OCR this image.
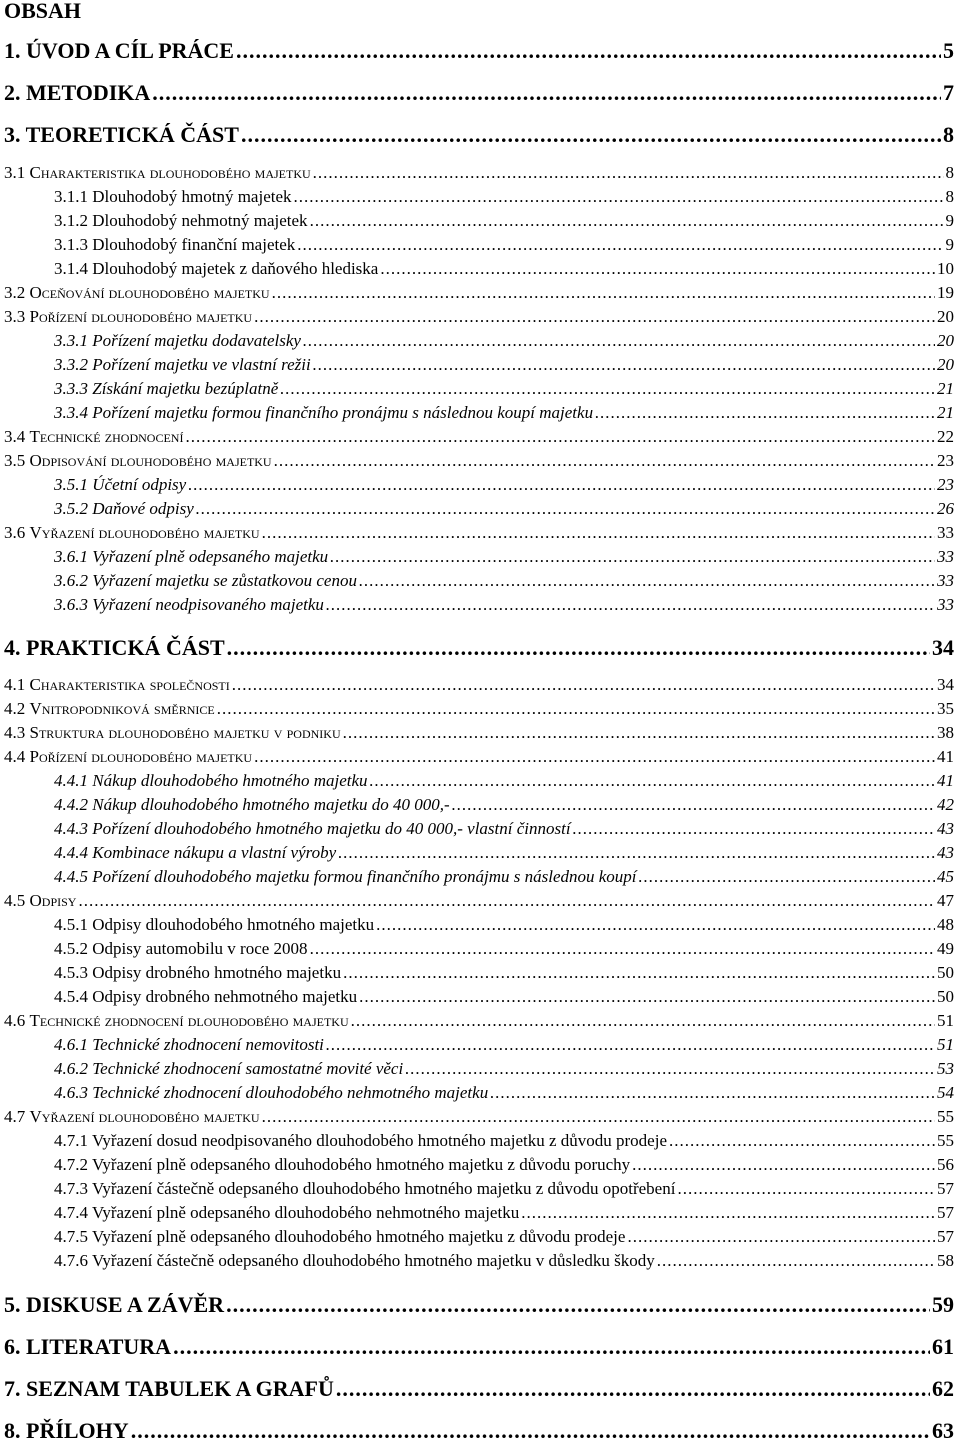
OBSAH
1. ÚVOD A CÍL PRÁCE .....	5
2. METODIKA .....	7
3. TEORETICKÁ ČÁST .....	8
3.1 Charakteristika dlouhodobého majetku .....	8
3.1.1 Dlouhodobý hmotný majetek .....	8
3.1.2 Dlouhodobý nehmotný majetek .....	9
3.1.3 Dlouhodobý finanční majetek .....	9
3.1.4 Dlouhodobý majetek z daňového hlediska .....	10
3.2 Oceňování dlouhodobého majetku .....	19
3.3 Pořízení dlouhodobého majetku .....	20
3.3.1 Pořízení majetku dodavatelsky .....	20
3.3.2 Pořízení majetku ve vlastní režii .....	20
3.3.3 Získání majetku bezúplatně .....	21
3.3.4 Pořízení majetku formou finančního pronájmu s následnou koupí majetku .....	21
3.4 Technické zhodnocení .....	22
3.5 Odpisování dlouhodobého majetku .....	23
3.5.1 Účetní odpisy .....	23
3.5.2 Daňové odpisy .....	26
3.6 Vyřazení dlouhodobého majetku .....	33
3.6.1 Vyřazení plně odepsaného majetku .....	33
3.6.2 Vyřazení majetku se zůstatkovou cenou .....	33
3.6.3 Vyřazení neodpisovaného majetku .....	33
4. PRAKTICKÁ ČÁST .....	34
4.1 Charakteristika společnosti .....	34
4.2 Vnitropodniková směrnice .....	35
4.3 Struktura dlouhodobého majetku v podniku .....	38
4.4 Pořízení dlouhodobého majetku .....	41
4.4.1 Nákup dlouhodobého hmotného majetku .....	41
4.4.2 Nákup dlouhodobého hmotného majetku do 40 000,- .....	42
4.4.3 Pořízení dlouhodobého hmotného majetku do 40 000,- vlastní činností .....	43
4.4.4 Kombinace nákupu a vlastní výroby .....	43
4.4.5 Pořízení dlouhodobého majetku formou finančního pronájmu s následnou koupí .....	45
4.5 Odpisy .....	47
4.5.1 Odpisy dlouhodobého hmotného majetku .....	48
4.5.2 Odpisy automobilu v roce 2008 .....	49
4.5.3 Odpisy drobného hmotného majetku .....	50
4.5.4 Odpisy drobného nehmotného majetku .....	50
4.6 Technické zhodnocení dlouhodobého majetku .....	51
4.6.1 Technické zhodnocení nemovitosti .....	51
4.6.2 Technické zhodnocení samostatné movité věci .....	53
4.6.3 Technické zhodnocení dlouhodobého nehmotného majetku .....	54
4.7 Vyřazení dlouhodobého majetku .....	55
4.7.1 Vyřazení dosud neodpisovaného dlouhodobého hmotného majetku z důvodu prodeje .....	55
4.7.2 Vyřazení plně odepsaného dlouhodobého hmotného majetku z důvodu poruchy .....	56
4.7.3 Vyřazení částečně odepsaného dlouhodobého hmotného majetku z důvodu opotřebení .....	57
4.7.4 Vyřazení plně odepsaného dlouhodobého nehmotného majetku .....	57
4.7.5 Vyřazení plně odepsaného dlouhodobého hmotného majetku z důvodu prodeje .....	57
4.7.6 Vyřazení částečně odepsaného dlouhodobého hmotného majetku v důsledku škody .....	58
5. DISKUSE A ZÁVĚR .....	59
6. LITERATURA .....	61
7. SEZNAM TABULEK A GRAFŮ .....	62
8. PŘÍLOHY .....	63
